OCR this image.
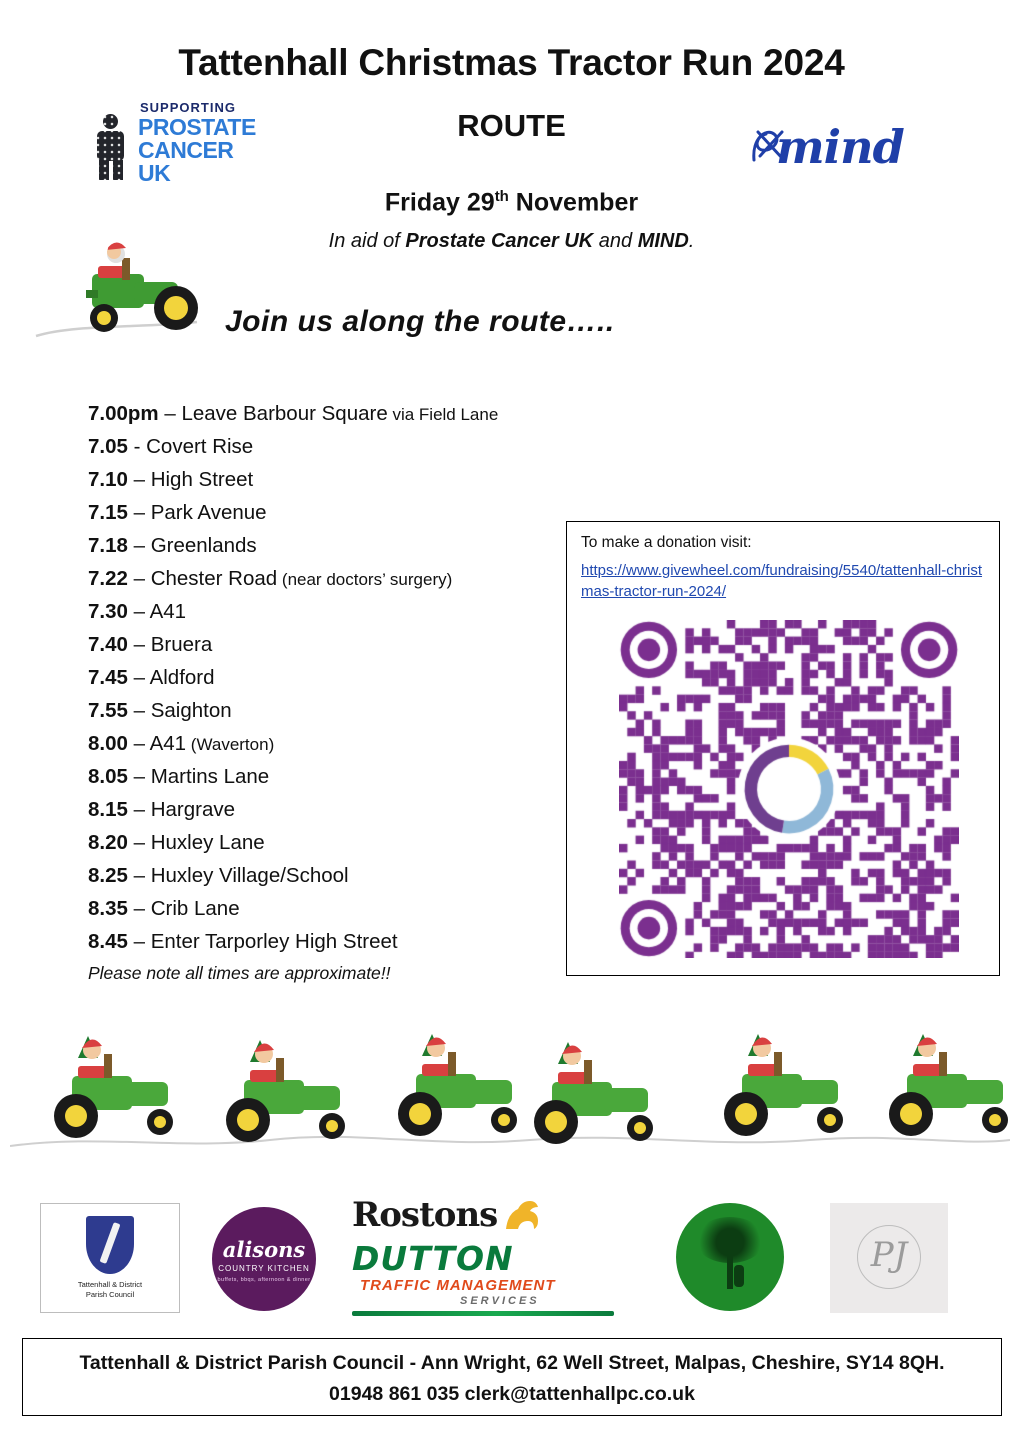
Tattenhall Christmas Tractor Run 2024
ROUTE
Friday 29th November
In aid of Prostate Cancer UK and MIND.
Join us along the route…..
SUPPORTING
PROSTATE
CANCER UK	mind
7.00pm – Leave Barbour Square via Field Lane
7.05 - Covert Rise
7.10 – High Street
7.15 – Park Avenue
7.18 – Greenlands
7.22 – Chester Road (near doctors’ surgery)
7.30 – A41
7.40 – Bruera
7.45 – Aldford
7.55 – Saighton
8.00 – A41 (Waverton)
8.05 – Martins Lane
8.15 – Hargrave
8.20 – Huxley Lane
8.25 – Huxley Village/School
8.35 – Crib Lane
8.45 – Enter Tarporley High Street
Please note all times are approximate!!
To make a donation visit:
https://www.givewheel.com/fundraising/5540/tattenhall-christmas-tractor-run-2024/
Tattenhall & District
Parish Council
alisons
COUNTRY KITCHEN
buffets, bbqs, afternoon & dinner
Rostons
DUTTON
TRAFFIC MANAGEMENT
SERVICES
PJ
Tattenhall & District Parish Council - Ann Wright, 62 Well Street, Malpas, Cheshire, SY14 8QH.
01948 861 035 clerk@tattenhallpc.co.uk
